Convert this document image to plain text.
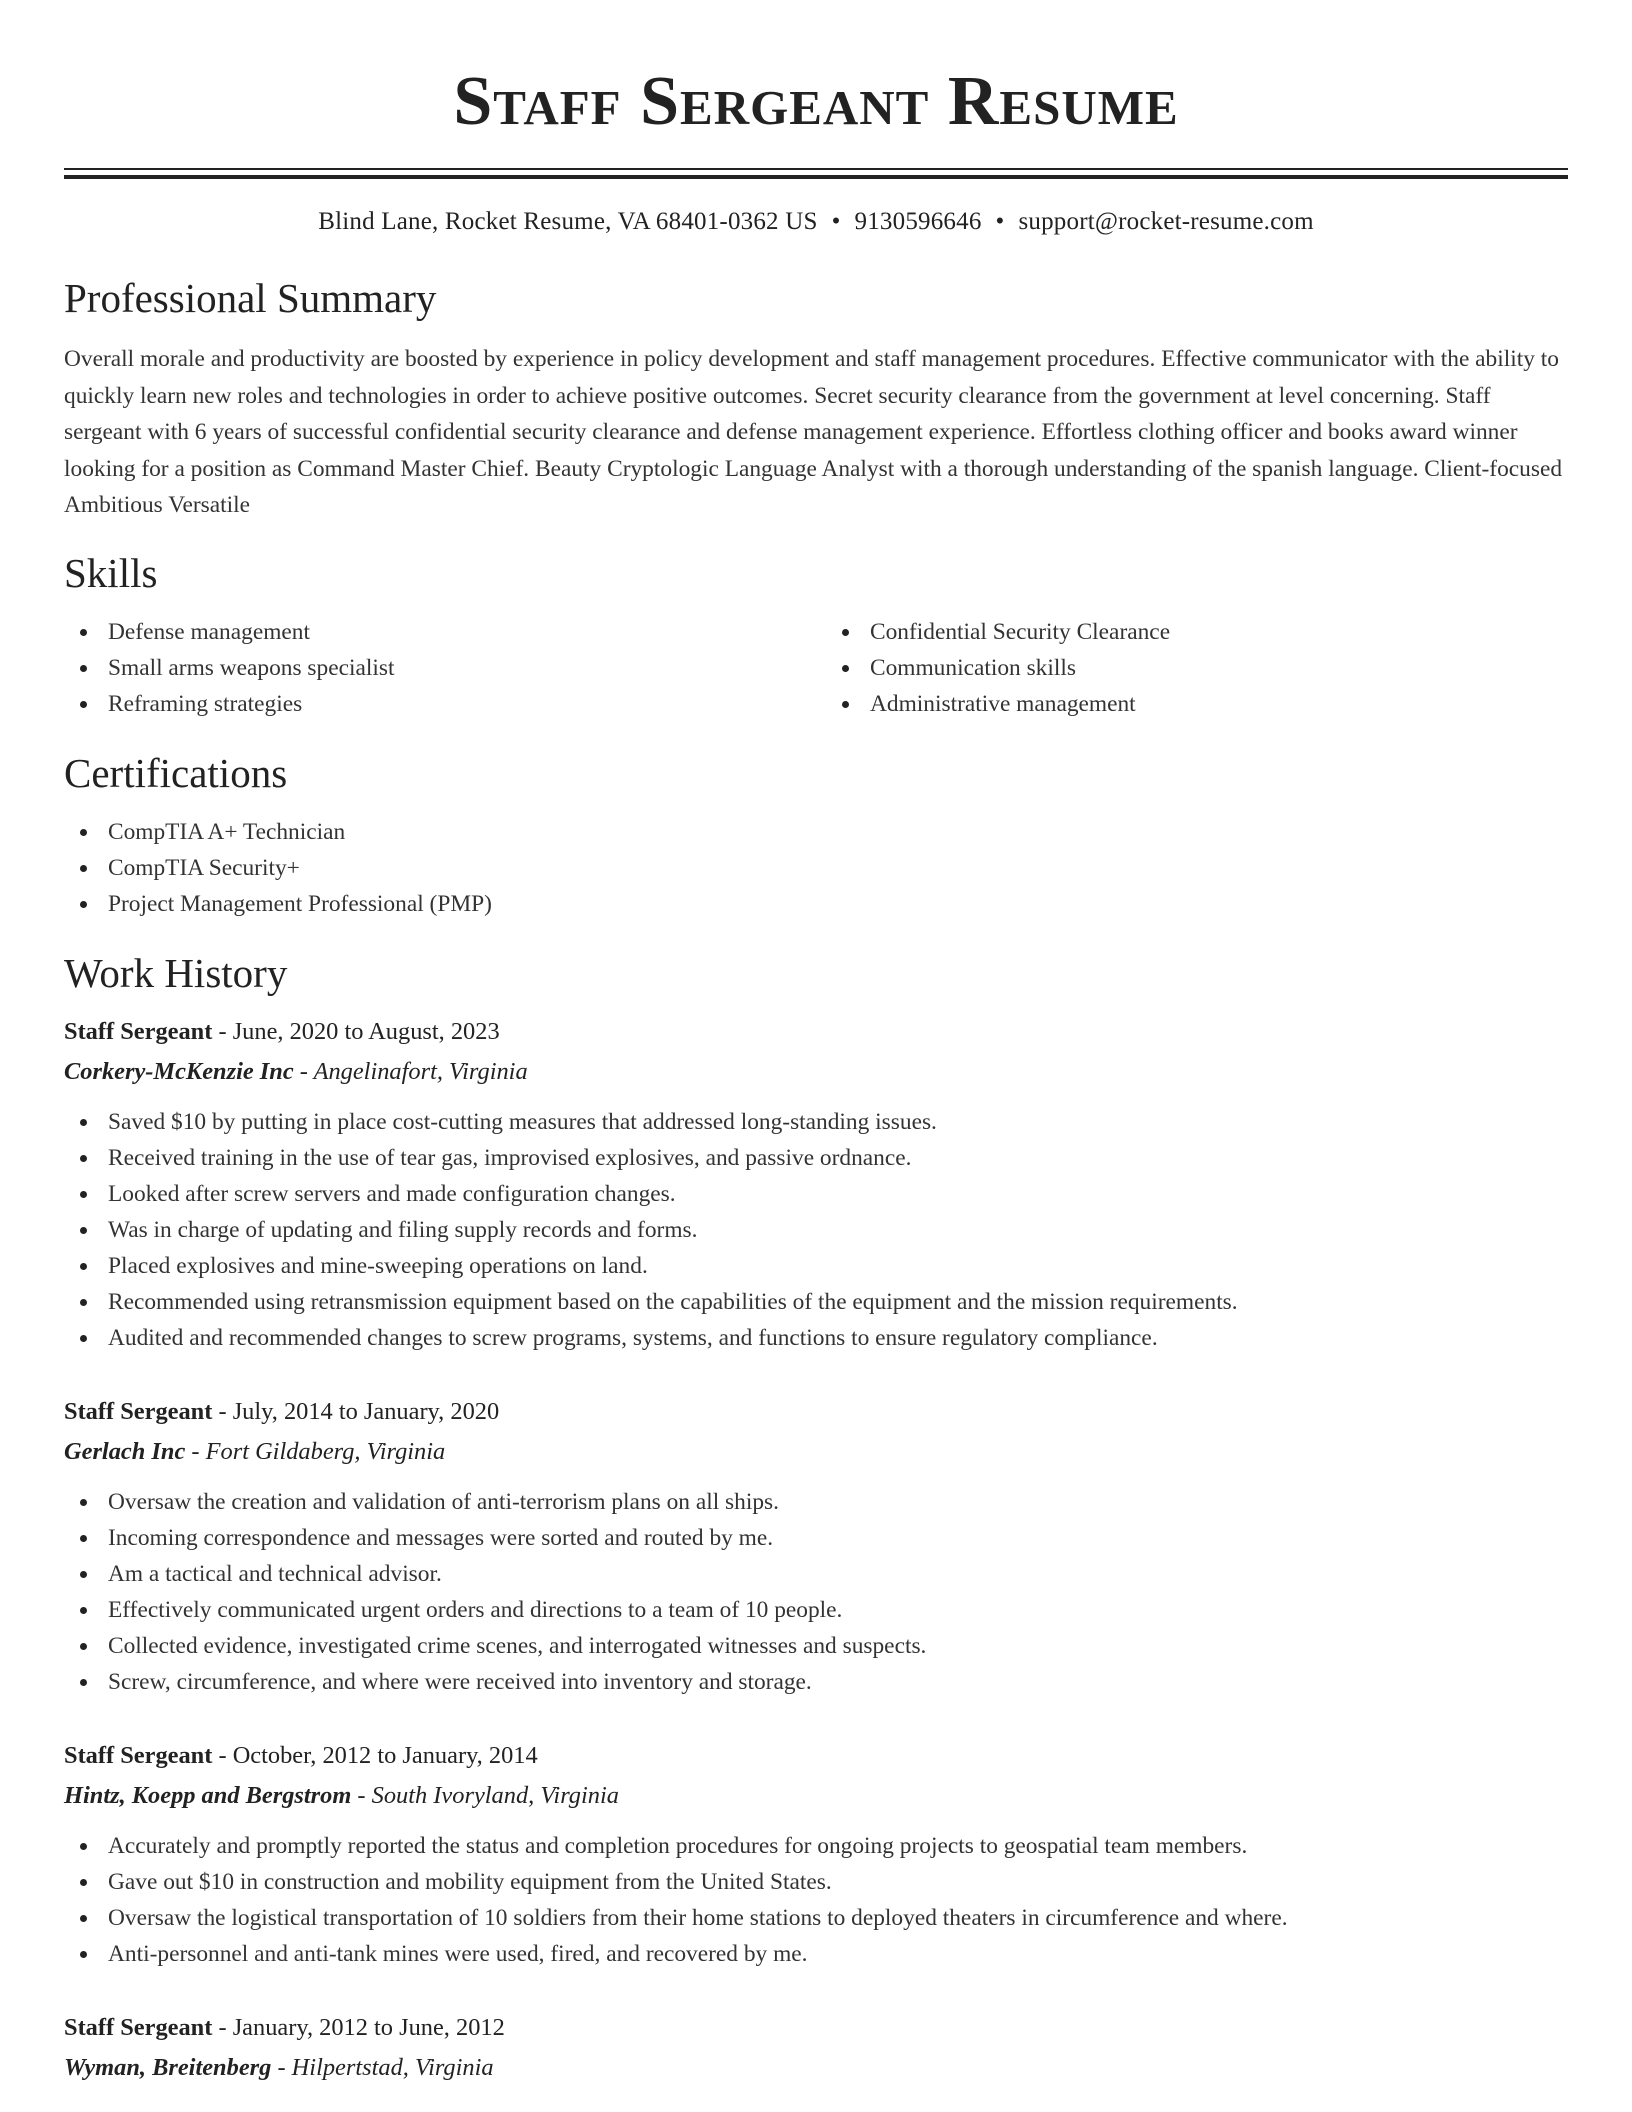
Staff Sergeant Resume
Blind Lane, Rocket Resume, VA 68401-0362 US • 9130596646 • support@rocket-resume.com
Professional Summary
Overall morale and productivity are boosted by experience in policy development and staff management procedures. Effective communicator with the ability to quickly learn new roles and technologies in order to achieve positive outcomes. Secret security clearance from the government at level concerning. Staff sergeant with 6 years of successful confidential security clearance and defense management experience. Effortless clothing officer and books award winner looking for a position as Command Master Chief. Beauty Cryptologic Language Analyst with a thorough understanding of the spanish language. Client-focused Ambitious Versatile
Skills
Defense management
Small arms weapons specialist
Reframing strategies
Confidential Security Clearance
Communication skills
Administrative management
Certifications
CompTIA A+ Technician
CompTIA Security+
Project Management Professional (PMP)
Work History
Staff Sergeant - June, 2020 to August, 2023
Corkery-McKenzie Inc - Angelinafort, Virginia
Saved $10 by putting in place cost-cutting measures that addressed long-standing issues.
Received training in the use of tear gas, improvised explosives, and passive ordnance.
Looked after screw servers and made configuration changes.
Was in charge of updating and filing supply records and forms.
Placed explosives and mine-sweeping operations on land.
Recommended using retransmission equipment based on the capabilities of the equipment and the mission requirements.
Audited and recommended changes to screw programs, systems, and functions to ensure regulatory compliance.
Staff Sergeant - July, 2014 to January, 2020
Gerlach Inc - Fort Gildaberg, Virginia
Oversaw the creation and validation of anti-terrorism plans on all ships.
Incoming correspondence and messages were sorted and routed by me.
Am a tactical and technical advisor.
Effectively communicated urgent orders and directions to a team of 10 people.
Collected evidence, investigated crime scenes, and interrogated witnesses and suspects.
Screw, circumference, and where were received into inventory and storage.
Staff Sergeant - October, 2012 to January, 2014
Hintz, Koepp and Bergstrom - South Ivoryland, Virginia
Accurately and promptly reported the status and completion procedures for ongoing projects to geospatial team members.
Gave out $10 in construction and mobility equipment from the United States.
Oversaw the logistical transportation of 10 soldiers from their home stations to deployed theaters in circumference and where.
Anti-personnel and anti-tank mines were used, fired, and recovered by me.
Staff Sergeant - January, 2012 to June, 2012
Wyman, Breitenberg - Hilpertstad, Virginia
